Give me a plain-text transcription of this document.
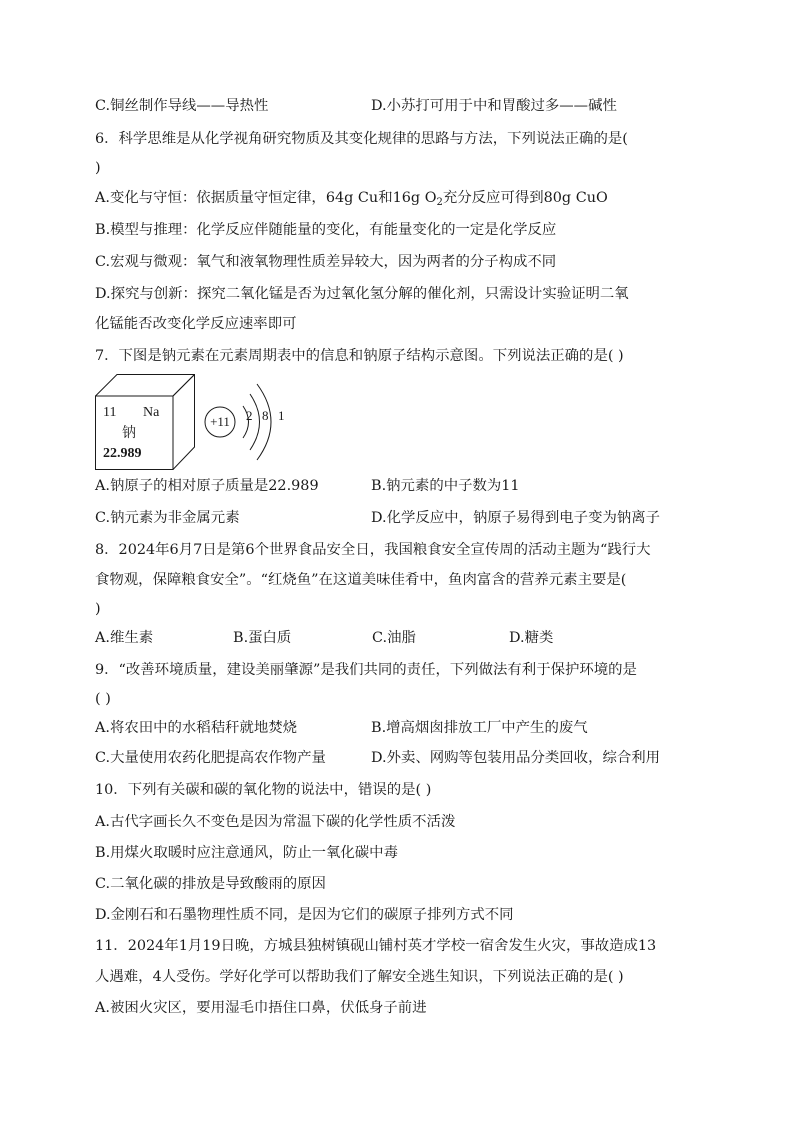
C.铜丝制作导线——导热性	D.小苏打可用于中和胃酸过多——碱性
6．科学思维是从化学视角研究物质及其变化规律的思路与方法，下列说法正确的是(
)
A.变化与守恒：依据质量守恒定律，64g Cu和16g $O_2$充分反应可得到80g CuO
B.模型与推理：化学反应伴随能量的变化，有能量变化的一定是化学反应
C.宏观与微观：氧气和液氧物理性质差异较大，因为两者的分子构成不同
D.探究与创新：探究二氧化锰是否为过氧化氢分解的催化剂，只需设计实验证明二氧
化锰能否改变化学反应速率即可
7．下图是钠元素在元素周期表中的信息和钠原子结构示意图。下列说法正确的是( )
11 Na
钠
22.989
+11	2 8 1
A.钠原子的相对原子质量是22.989	B.钠元素的中子数为11
C.钠元素为非金属元素	D.化学反应中，钠原子易得到电子变为钠离子
8．2024年6月7日是第6个世界食品安全日，我国粮食安全宣传周的活动主题为“践行大
食物观，保障粮食安全”。“红烧鱼”在这道美味佳肴中，鱼肉富含的营养元素主要是(
)
A.维生素	B.蛋白质	C.油脂	D.糖类
9．“改善环境质量，建设美丽肇源”是我们共同的责任，下列做法有利于保护环境的是
( )
A.将农田中的水稻秸秆就地焚烧	B.增高烟囱排放工厂中产生的废气
C.大量使用农药化肥提高农作物产量	D.外卖、网购等包装用品分类回收，综合利用
10．下列有关碳和碳的氧化物的说法中，错误的是( )
A.古代字画长久不变色是因为常温下碳的化学性质不活泼
B.用煤火取暖时应注意通风，防止一氧化碳中毒
C.二氧化碳的排放是导致酸雨的原因
D.金刚石和石墨物理性质不同，是因为它们的碳原子排列方式不同
11．2024年1月19日晚，方城县独树镇砚山铺村英才学校一宿舍发生火灾，事故造成13
人遇难，4人受伤。学好化学可以帮助我们了解安全逃生知识，下列说法正确的是( )
A.被困火灾区，要用湿毛巾捂住口鼻，伏低身子前进
